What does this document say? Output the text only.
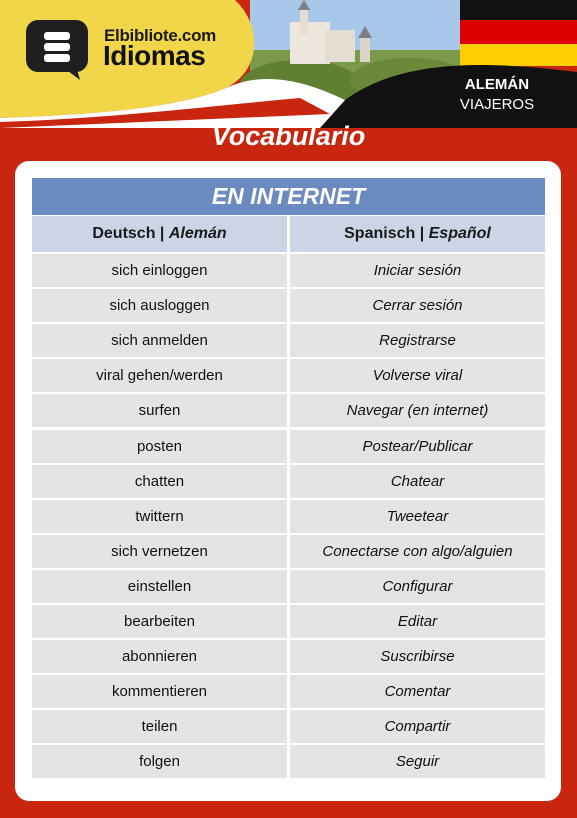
Elbibliote.com
Idiomas
ALEMÁN
VIAJEROS
Vocabulario
EN INTERNET
Deutsch | Alemán	Spanisch | Español
sich einloggen	Iniciar sesión
sich ausloggen	Cerrar sesión
sich anmelden	Registrarse
viral gehen/werden	Volverse viral
surfen	Navegar (en internet)
posten	Postear/Publicar
chatten	Chatear
twittern	Tweetear
sich vernetzen	Conectarse con algo/alguien
einstellen	Configurar
bearbeiten	Editar
abonnieren	Suscribirse
kommentieren	Comentar
teilen	Compartir
folgen	Seguir
